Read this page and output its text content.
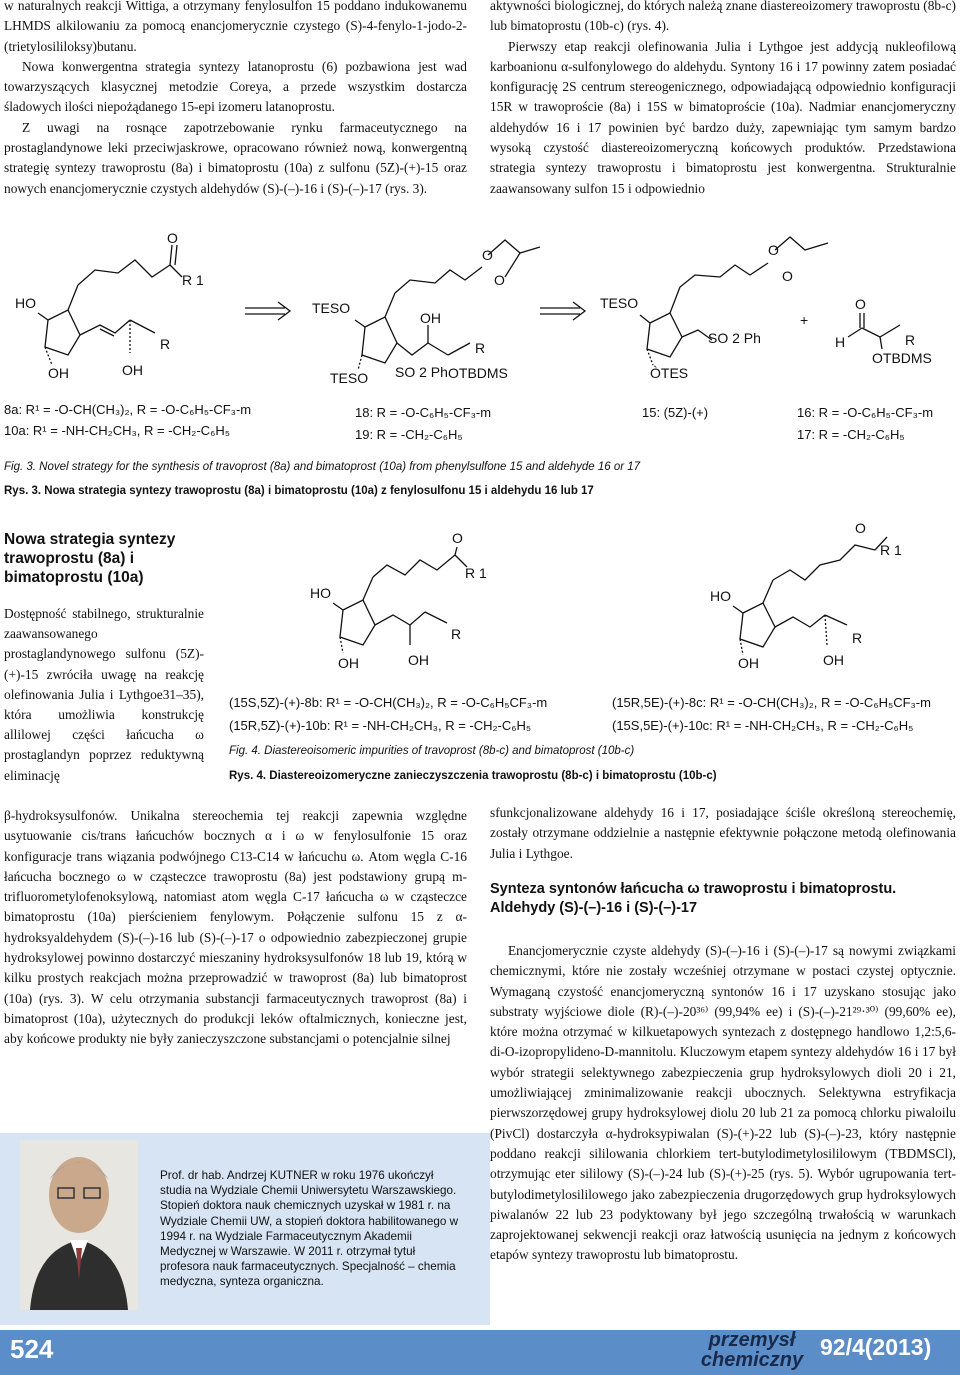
w naturalnych reakcji Wittiga, a otrzymany fenylosulfon 15 poddano indukowanemu LHMDS alkilowaniu za pomocą enancjomerycznie czystego (S)-4-fenylo-1-jodo-2-(trietylosililoksy)butanu.

Nowa konwergentna strategia syntezy latanoprostu (6) pozbawiona jest wad towarzyszących klasycznej metodzie Coreya, a przede wszystkim dostarcza śladowych ilości niepożądanego 15-epi izomeru latanoprostu.

Z uwagi na rosnące zapotrzebowanie rynku farmaceutycznego na prostaglandynowe leki przeciwjaskrowe, opracowano również nową, konwergentną strategię syntezy trawoprostu (8a) i bimatoprostu (10a) z sulfonu (5Z)-(+)-15 oraz nowych enancjomerycznie czystych aldehydów (S)-(–)-16 i (S)-(–)-17 (rys. 3).

aktywności biologicznej, do których należą znane diastereoizomery trawoprostu (8b-c) lub bimatoprostu (10b-c) (rys. 4).

Pierwszy etap reakcji olefinowania Julia i Lythgoe jest addycją nukleofilową karboanionu α-sulfonylowego do aldehydu. Syntony 16 i 17 powinny zatem posiadać konfigurację 2S centrum stereogenicznego, odpowiadającą odpowiednio konfiguracji 15R w trawoproście (8a) i 15S w bimatoproście (10a). Nadmiar enancjomeryczny aldehydów 16 i 17 powinien być bardzo duży, zapewniając tym samym bardzo wysoką czystość diastereoizomeryczną końcowych produktów. Przedstawiona strategia syntezy trawoprostu i bimatoprostu jest konwergentna. Strukturalnie zaawansowany sulfon 15 i odpowiednio

HO
O
R 1
OH	OH
R
TESO
O
O
TESO SO 2 Ph
OH
R
OTBDMS
TESO
O
O
ÒTES
SO 2 Ph
+
O
H	R
OTBDMS
8a: R¹ = -O-CH(CH₃)₂, R = -O-C₆H₅-CF₃-m
10a: R¹ = -NH-CH₂CH₃, R = -CH₂-C₆H₅
18: R = -O-C₆H₅-CF₃-m
19: R = -CH₂-C₆H₅
15: (5Z)-(+)	16: R = -O-C₆H₅-CF₃-m
17: R = -CH₂-C₆H₅
Fig. 3. Novel strategy for the synthesis of travoprost (8a) and bimatoprost (10a) from phenylsulfone 15 and aldehyde 16 or 17
Rys. 3. Nowa strategia syntezy trawoprostu (8a) i bimatoprostu (10a) z fenylosulfonu 15 i aldehydu 16 lub 17
Nowa strategia syntezy trawoprostu (8a) i bimatoprostu (10a)
Dostępność stabilnego, strukturalnie zaawansowanego prostaglandynowego sulfonu (5Z)-(+)-15 zwróciła uwagę na reakcję olefinowania Julia i Lythgoe31–35), która umożliwia konstrukcję allilowej części łańcucha ω prostaglandyn poprzez reduktywną eliminację
HO
O
R 1
OH	OH
R
HO
O
R 1
OH	OH
R
(15S,5Z)-(+)-8b: R¹ = -O-CH(CH₃)₂, R = -O-C₆H₅CF₃-m
(15R,5Z)-(+)-10b: R¹ = -NH-CH₂CH₃, R = -CH₂-C₆H₅
(15R,5E)-(+)-8c: R¹ = -O-CH(CH₃)₂, R = -O-C₆H₅CF₃-m
(15S,5E)-(+)-10c: R¹ = -NH-CH₂CH₃, R = -CH₂-C₆H₅
Fig. 4. Diastereoisomeric impurities of travoprost (8b-c) and bimatoprost (10b-c)
Rys. 4. Diastereoizomeryczne zanieczyszczenia trawoprostu (8b-c) i bimatoprostu (10b-c)
β-hydroksysulfonów. Unikalna stereochemia tej reakcji zapewnia względne usytuowanie cis/trans łańcuchów bocznych α i ω w fenylosulfonie 15 oraz konfiguracje trans wiązania podwójnego C13-C14 w łańcuchu ω. Atom węgla C-16 łańcucha bocznego ω w cząsteczce trawoprostu (8a) jest podstawiony grupą m-trifluorometylofenoksylową, natomiast atom węgla C-17 łańcucha ω w cząsteczce bimatoprostu (10a) pierścieniem fenylowym. Połączenie sulfonu 15 z α-hydroksyaldehydem (S)-(–)-16 lub (S)-(–)-17 o odpowiednio zabezpieczonej grupie hydroksylowej powinno dostarczyć mieszaniny hydroksysulfonów 18 lub 19, którą w kilku prostych reakcjach można przeprowadzić w trawoprost (8a) lub bimatoprost (10a) (rys. 3). W celu otrzymania substancji farmaceutycznych trawoprost (8a) i bimatoprost (10a), użytecznych do produkcji leków oftalmicznych, konieczne jest, aby końcowe produkty nie były zanieczyszczone substancjami o potencjalnie silnej
sfunkcjonalizowane aldehydy 16 i 17, posiadające ściśle określoną stereochemię, zostały otrzymane oddzielnie a następnie efektywnie połączone metodą olefinowania Julia i Lythgoe.
Synteza syntonów łańcucha ω trawoprostu i bimatoprostu. Aldehydy (S)-(–)-16 i (S)-(–)-17
Enancjomerycznie czyste aldehydy (S)-(–)-16 i (S)-(–)-17 są nowymi związkami chemicznymi, które nie zostały wcześniej otrzymane w postaci czystej optycznie. Wymaganą czystość enancjomeryczną syntonów 16 i 17 uzyskano stosując jako substraty wyjściowe diole (R)-(–)-20³⁶⁾ (99,94% ee) i (S)-(–)-21²⁹·³⁰⁾ (99,60% ee), które można otrzymać w kilkuetapowych syntezach z dostępnego handlowo 1,2:5,6-di-O-izopropylideno-D-mannitolu. Kluczowym etapem syntezy aldehydów 16 i 17 był wybór strategii selektywnego zabezpieczenia grup hydroksylowych dioli 20 i 21, umożliwiającej zminimalizowanie reakcji ubocznych. Selektywna estryfikacja pierwszorzędowej grupy hydroksylowej diolu 20 lub 21 za pomocą chlorku piwaloilu (PivCl) dostarczyła α-hydroksypiwalan (S)-(+)-22 lub (S)-(–)-23, który następnie poddano reakcji sililowania chlorkiem tert-butylodimetylosililowym (TBDMSCl), otrzymując eter sililowy (S)-(–)-24 lub (S)-(+)-25 (rys. 5). Wybór ugrupowania tert-butylodimetylosililowego jako zabezpieczenia drugorzędowych grup hydroksylowych piwalanów 22 lub 23 podyktowany był jego szczególną trwałością w warunkach zaprojektowanej sekwencji reakcji oraz łatwością usunięcia na jednym z końcowych etapów syntezy trawoprostu lub bimatoprostu.
Prof. dr hab. Andrzej KUTNER w roku 1976 ukończył studia na Wydziale Chemii Uniwersytetu Warszawskiego. Stopień doktora nauk chemicznych uzyskał w 1981 r. na Wydziale Chemii UW, a stopień doktora habilitowanego w 1994 r. na Wydziale Farmaceutycznym Akademii Medycznej w Warszawie. W 2011 r. otrzymał tytuł profesora nauk farmaceutycznych. Specjalność – chemia medyczna, synteza organiczna.
524	przemysł chemiczny 92/4(2013)
